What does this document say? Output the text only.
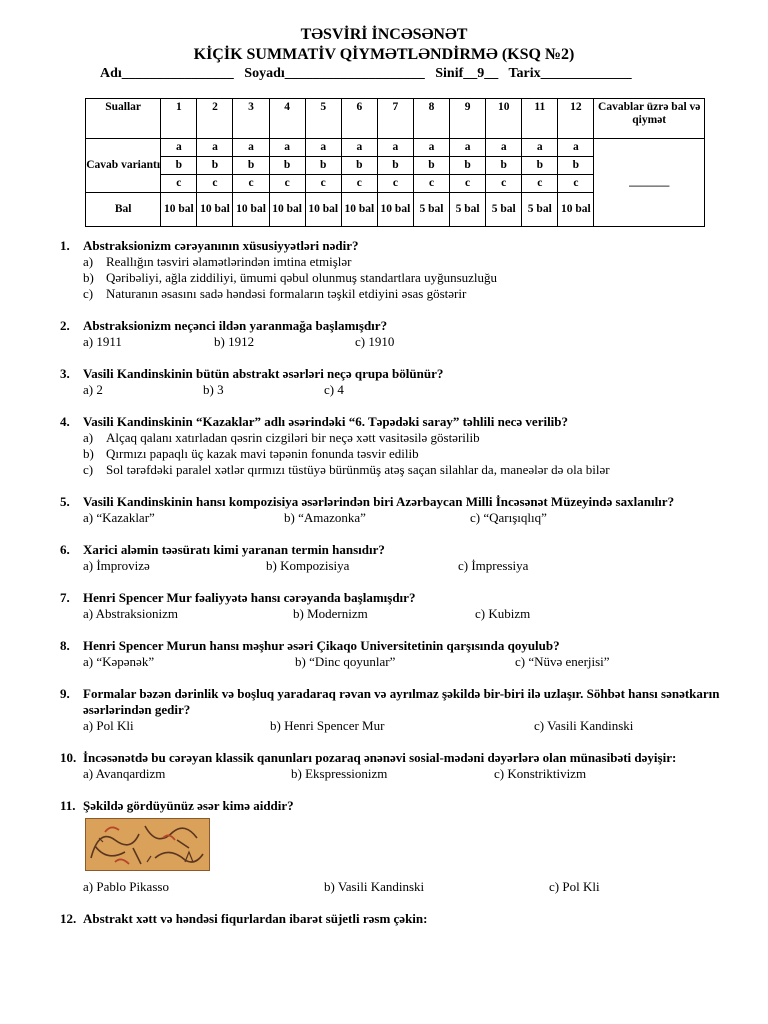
TƏSVİRİ İNCƏSƏNƏT
KİÇİK SUMMATİV QİYMƏTLƏNDİRMƏ (KSQ №2)
Adı________________   Soyadı____________________   Sinif__9__   Tarix_____________
Suallar	1	2	3	4	5	6	7	8	9	10	11	12	Cavablar üzrə bal və qiymət
Cavab variantı	a	a	a	a	a	a	a	a	a	a	a	a	_______
	b	b	b	b	b	b	b	b	b	b	b	b	
	c	c	c	c	c	c	c	c	c	c	c	c	
Bal	10 bal	10 bal	10 bal	10 bal	10 bal	10 bal	10 bal	5 bal	5 bal	5 bal	5 bal	10 bal	
1.	Abstraksionizm cərəyanının xüsusiyyətləri nədir?
a) Reallığın təsviri əlamətlərindən imtina etmişlər
b) Qəribəliyi, ağla ziddiliyi, ümumi qəbul olunmuş standartlara uyğunsuzluğu
c) Naturanın əsasını sadə həndəsi formaların təşkil etdiyini əsas göstərir
2.	Abstraksionizm neçənci ildən yaranmağa başlamışdır?
a) 1911	b) 1912	c) 1910
3.	Vasili Kandinskinin bütün abstrakt əsərləri neçə qrupa bölünür?
a) 2	b) 3	c) 4
4.	Vasili Kandinskinin “Kazaklar” adlı əsərindəki “6. Təpədəki saray” təhlili necə verilib?
a) Alçaq qalanı xatırladan qəsrin cizgiləri bir neçə xətt vasitəsilə göstərilib
b) Qırmızı papaqlı üç kazak mavi təpənin fonunda təsvir edilib
c) Sol tərəfdəki paralel xətlər qırmızı tüstüyə bürünmüş atəş saçan silahlar da, maneələr də ola bilər
5.	Vasili Kandinskinin hansı kompozisiya əsərlərindən biri Azərbaycan Milli İncəsənət Müzeyində saxlanılır?
a) “Kazaklar”	b) “Amazonka”	c) “Qarışıqlıq”
6.	Xarici aləmin təəsüratı kimi yaranan termin hansıdır?
a) İmprovizə	b) Kompozisiya	c) İmpressiya
7.	Henri Spencer Mur fəaliyyətə hansı cərəyanda başlamışdır?
a) Abstraksionizm	b) Modernizm	c) Kubizm
8.	Henri Spencer Murun hansı məşhur əsəri Çikaqo Universitetinin qarşısında qoyulub?
a) “Kəpənək”	b) “Dinc qoyunlar”	c) “Nüvə enerjisi”
9.	Formalar bəzən dərinlik və boşluq yaradaraq rəvan və ayrılmaz şəkildə bir-biri ilə uzlaşır. Söhbət hansı sənətkarın əsərlərindən gedir?
a) Pol Kli	b) Henri Spencer Mur	c) Vasili Kandinski
10. İncəsənətdə bu cərəyan klassik qanunları pozaraq ənənəvi sosial-mədəni dəyərlərə olan münasibəti dəyişir:
a) Avanqardizm	b) Ekspressionizm	c) Konstriktivizm
11. Şəkildə gördüyünüz əsər kimə aiddir?
a) Pablo Pikasso	b) Vasili Kandinski	c) Pol Kli
12. Abstrakt xətt və həndəsi fiqurlardan ibarət süjetli rəsm çəkin:
